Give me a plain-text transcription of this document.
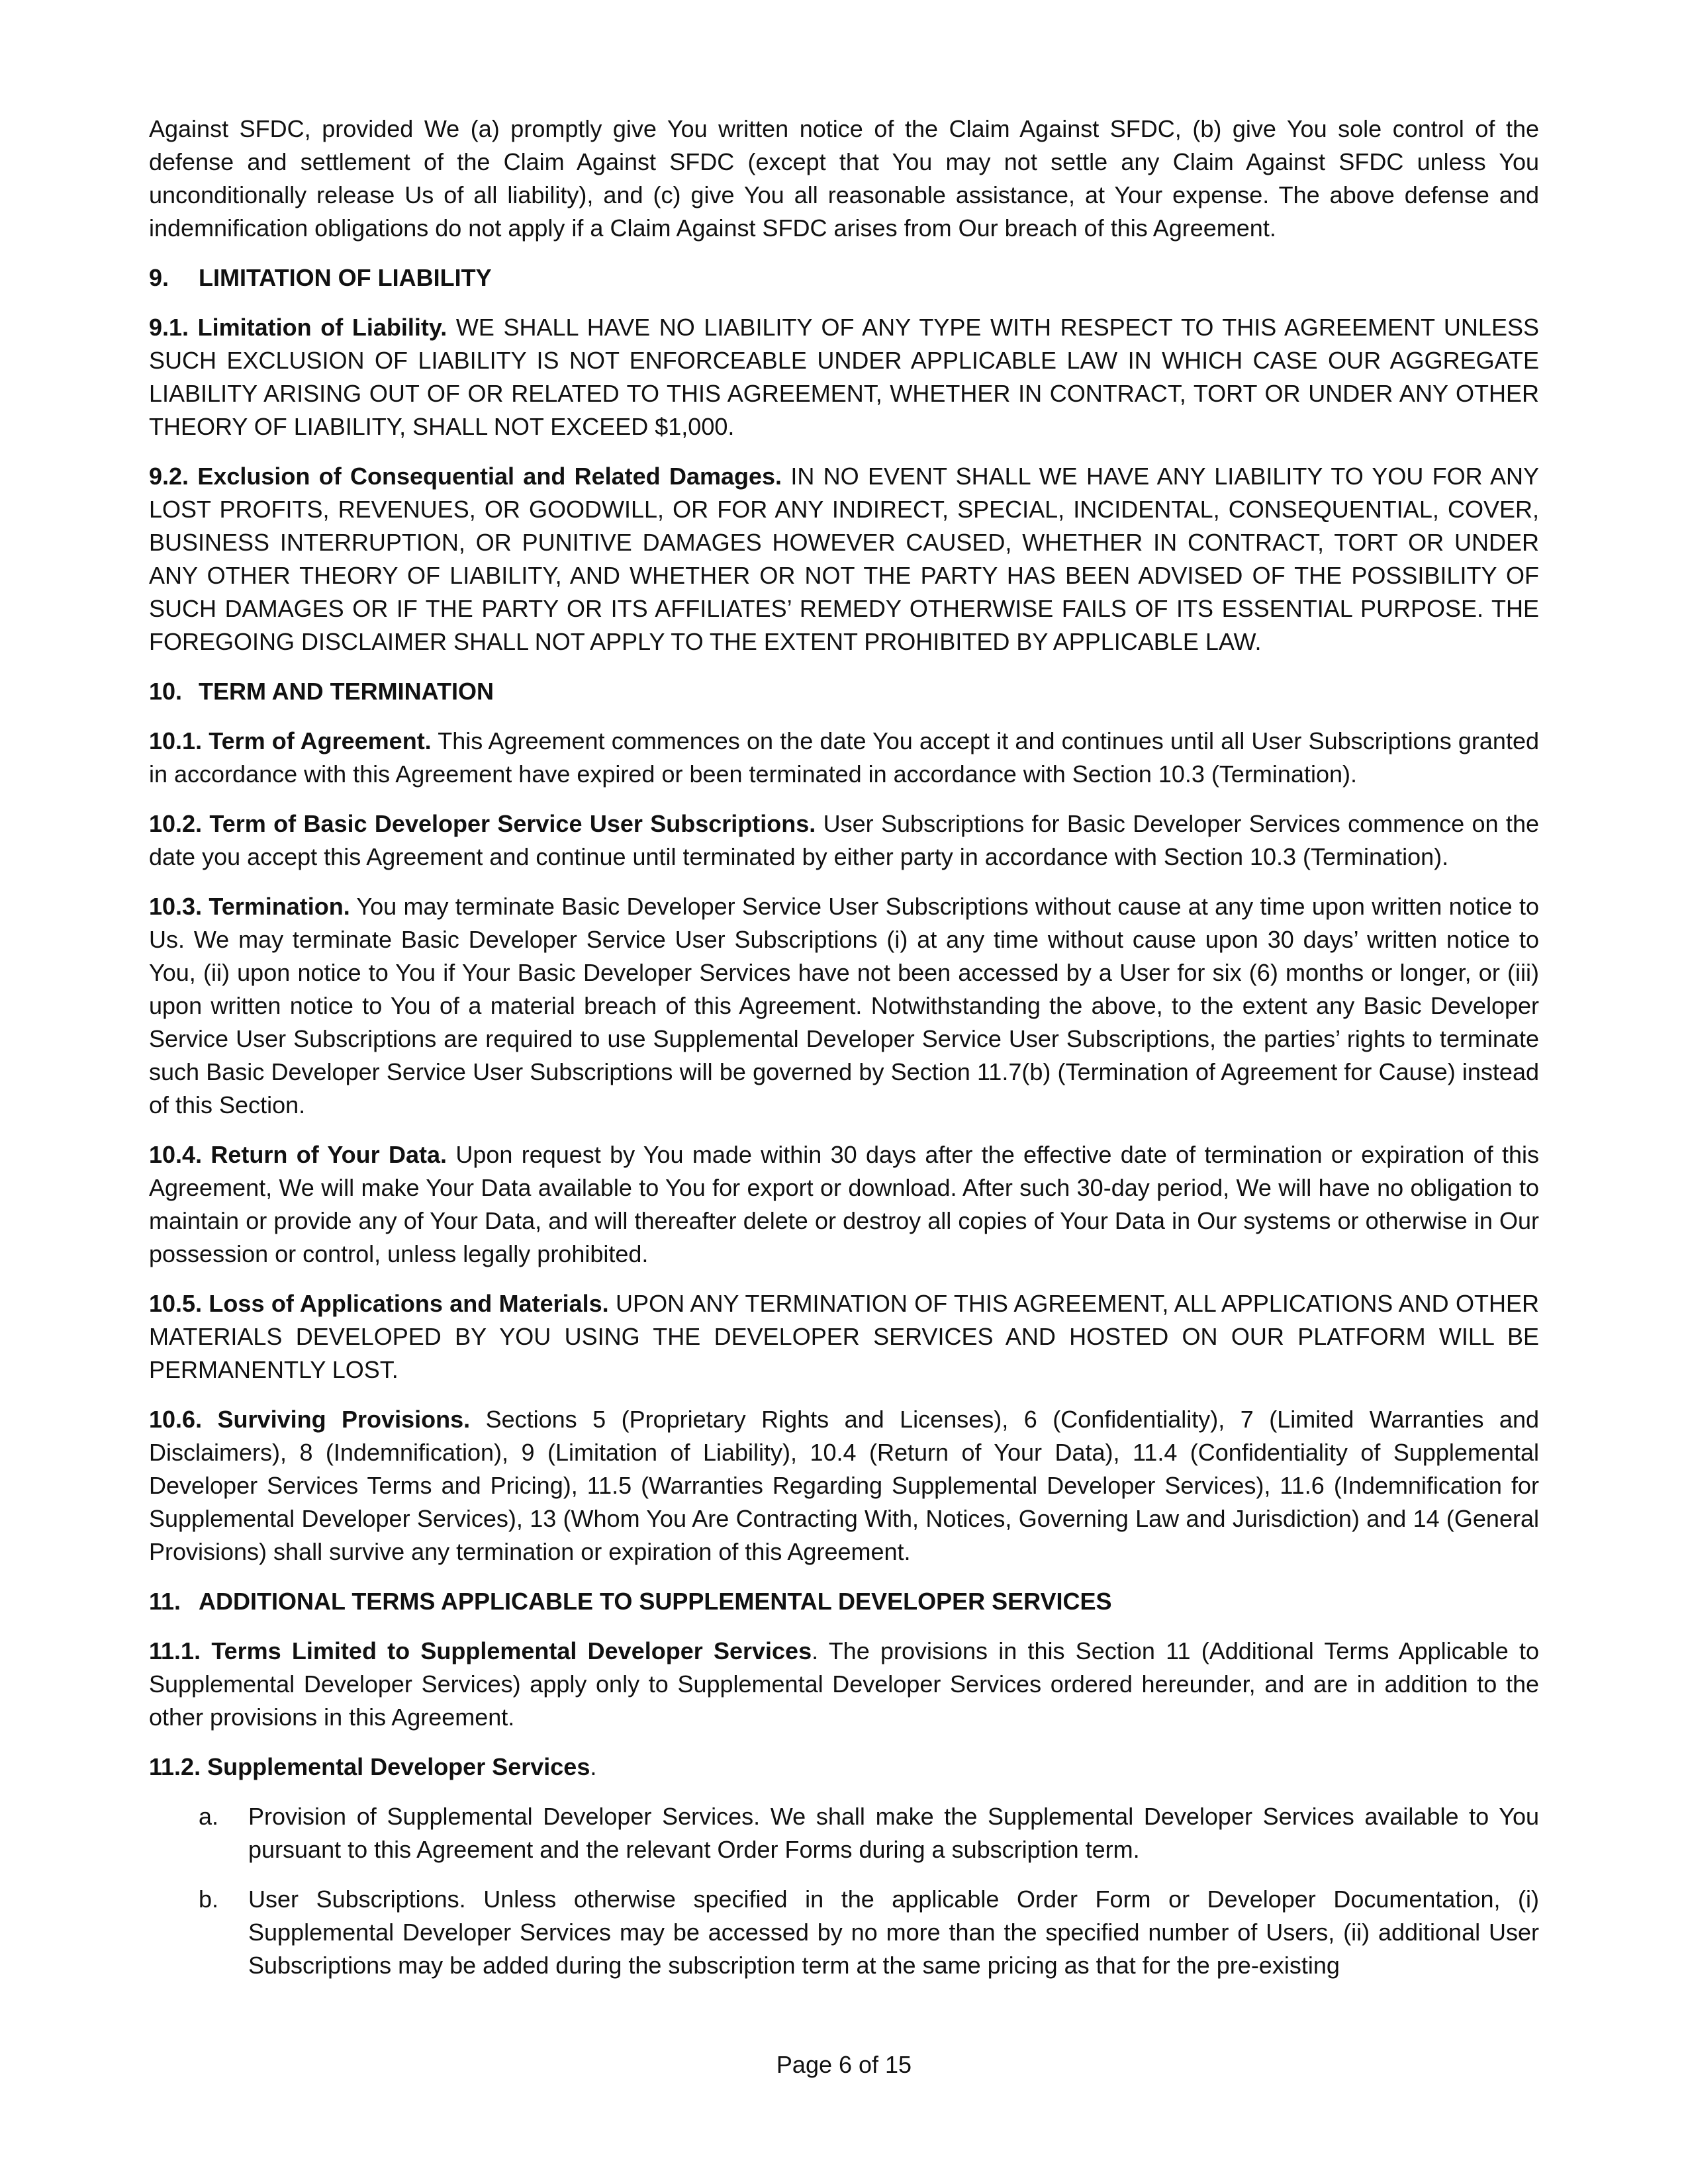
Against SFDC, provided We (a) promptly give You written notice of the Claim Against SFDC, (b) give You sole control of the defense and settlement of the Claim Against SFDC (except that You may not settle any Claim Against SFDC unless You unconditionally release Us of all liability), and (c) give You all reasonable assistance, at Your expense. The above defense and indemnification obligations do not apply if a Claim Against SFDC arises from Our breach of this Agreement.

9. LIMITATION OF LIABILITY

9.1. Limitation of Liability. WE SHALL HAVE NO LIABILITY OF ANY TYPE WITH RESPECT TO THIS AGREEMENT UNLESS SUCH EXCLUSION OF LIABILITY IS NOT ENFORCEABLE UNDER APPLICABLE LAW IN WHICH CASE OUR AGGREGATE LIABILITY ARISING OUT OF OR RELATED TO THIS AGREEMENT, WHETHER IN CONTRACT, TORT OR UNDER ANY OTHER THEORY OF LIABILITY, SHALL NOT EXCEED $1,000.

9.2. Exclusion of Consequential and Related Damages. IN NO EVENT SHALL WE HAVE ANY LIABILITY TO YOU FOR ANY LOST PROFITS, REVENUES, OR GOODWILL, OR FOR ANY INDIRECT, SPECIAL, INCIDENTAL, CONSEQUENTIAL, COVER, BUSINESS INTERRUPTION, OR PUNITIVE DAMAGES HOWEVER CAUSED, WHETHER IN CONTRACT, TORT OR UNDER ANY OTHER THEORY OF LIABILITY, AND WHETHER OR NOT THE PARTY HAS BEEN ADVISED OF THE POSSIBILITY OF SUCH DAMAGES OR IF THE PARTY OR ITS AFFILIATES’ REMEDY OTHERWISE FAILS OF ITS ESSENTIAL PURPOSE. THE FOREGOING DISCLAIMER SHALL NOT APPLY TO THE EXTENT PROHIBITED BY APPLICABLE LAW.

10. TERM AND TERMINATION

10.1. Term of Agreement. This Agreement commences on the date You accept it and continues until all User Subscriptions granted in accordance with this Agreement have expired or been terminated in accordance with Section 10.3 (Termination).

10.2. Term of Basic Developer Service User Subscriptions. User Subscriptions for Basic Developer Services commence on the date you accept this Agreement and continue until terminated by either party in accordance with Section 10.3 (Termination).

10.3. Termination. You may terminate Basic Developer Service User Subscriptions without cause at any time upon written notice to Us. We may terminate Basic Developer Service User Subscriptions (i) at any time without cause upon 30 days’ written notice to You, (ii) upon notice to You if Your Basic Developer Services have not been accessed by a User for six (6) months or longer, or (iii) upon written notice to You of a material breach of this Agreement. Notwithstanding the above, to the extent any Basic Developer Service User Subscriptions are required to use Supplemental Developer Service User Subscriptions, the parties’ rights to terminate such Basic Developer Service User Subscriptions will be governed by Section 11.7(b) (Termination of Agreement for Cause) instead of this Section.

10.4. Return of Your Data. Upon request by You made within 30 days after the effective date of termination or expiration of this Agreement, We will make Your Data available to You for export or download. After such 30-day period, We will have no obligation to maintain or provide any of Your Data, and will thereafter delete or destroy all copies of Your Data in Our systems or otherwise in Our possession or control, unless legally prohibited.

10.5. Loss of Applications and Materials. UPON ANY TERMINATION OF THIS AGREEMENT, ALL APPLICATIONS AND OTHER MATERIALS DEVELOPED BY YOU USING THE DEVELOPER SERVICES AND HOSTED ON OUR PLATFORM WILL BE PERMANENTLY LOST.

10.6. Surviving Provisions. Sections 5 (Proprietary Rights and Licenses), 6 (Confidentiality), 7 (Limited Warranties and Disclaimers), 8 (Indemnification), 9 (Limitation of Liability), 10.4 (Return of Your Data), 11.4 (Confidentiality of Supplemental Developer Services Terms and Pricing), 11.5 (Warranties Regarding Supplemental Developer Services), 11.6 (Indemnification for Supplemental Developer Services), 13 (Whom You Are Contracting With, Notices, Governing Law and Jurisdiction) and 14 (General Provisions) shall survive any termination or expiration of this Agreement.

11. ADDITIONAL TERMS APPLICABLE TO SUPPLEMENTAL DEVELOPER SERVICES

11.1. Terms Limited to Supplemental Developer Services. The provisions in this Section 11 (Additional Terms Applicable to Supplemental Developer Services) apply only to Supplemental Developer Services ordered hereunder, and are in addition to the other provisions in this Agreement.

11.2. Supplemental Developer Services.

a. Provision of Supplemental Developer Services. We shall make the Supplemental Developer Services available to You pursuant to this Agreement and the relevant Order Forms during a subscription term.
b. User Subscriptions. Unless otherwise specified in the applicable Order Form or Developer Documentation, (i) Supplemental Developer Services may be accessed by no more than the specified number of Users, (ii) additional User Subscriptions may be added during the subscription term at the same pricing as that for the pre-existing
Page 6 of 15
